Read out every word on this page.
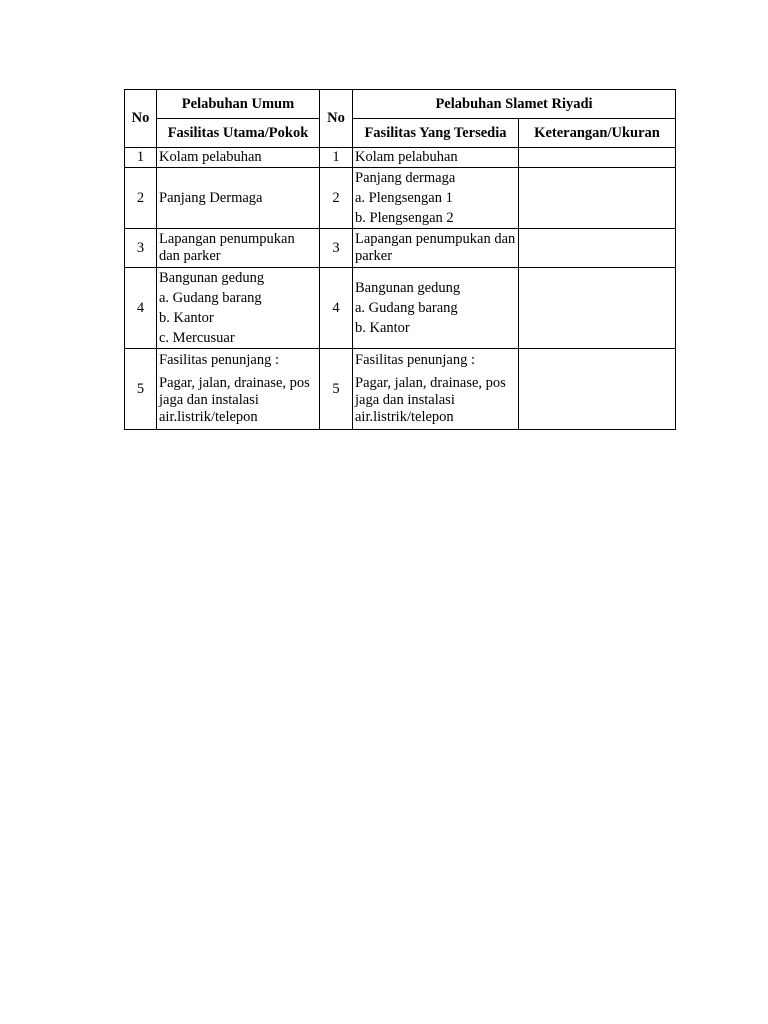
No	Pelabuhan Umum	No	Pelabuhan Slamet Riyadi	
	Fasilitas Utama/Pokok		Fasilitas Yang Tersedia	Keterangan/Ukuran
1	Kolam pelabuhan	1	Kolam pelabuhan	

2	Panjang Dermaga	2	Panjang dermaga
a. Plengsengan 1
b. Plengsengan 2	

3	Lapangan penumpukan dan parker	3	Lapangan penumpukan dan parker	

4	Bangunan gedung
a. Gudang barang
b. Kantor
c. Mercusuar	4	Bangunan gedung
a. Gudang barang
b. Kantor	

5	Fasilitas penunjang :
Pagar, jalan, drainase, pos jaga dan instalasi air.listrik/telepon	5	Fasilitas penunjang :
Pagar, jalan, drainase, pos jaga dan instalasi air.listrik/telepon	
